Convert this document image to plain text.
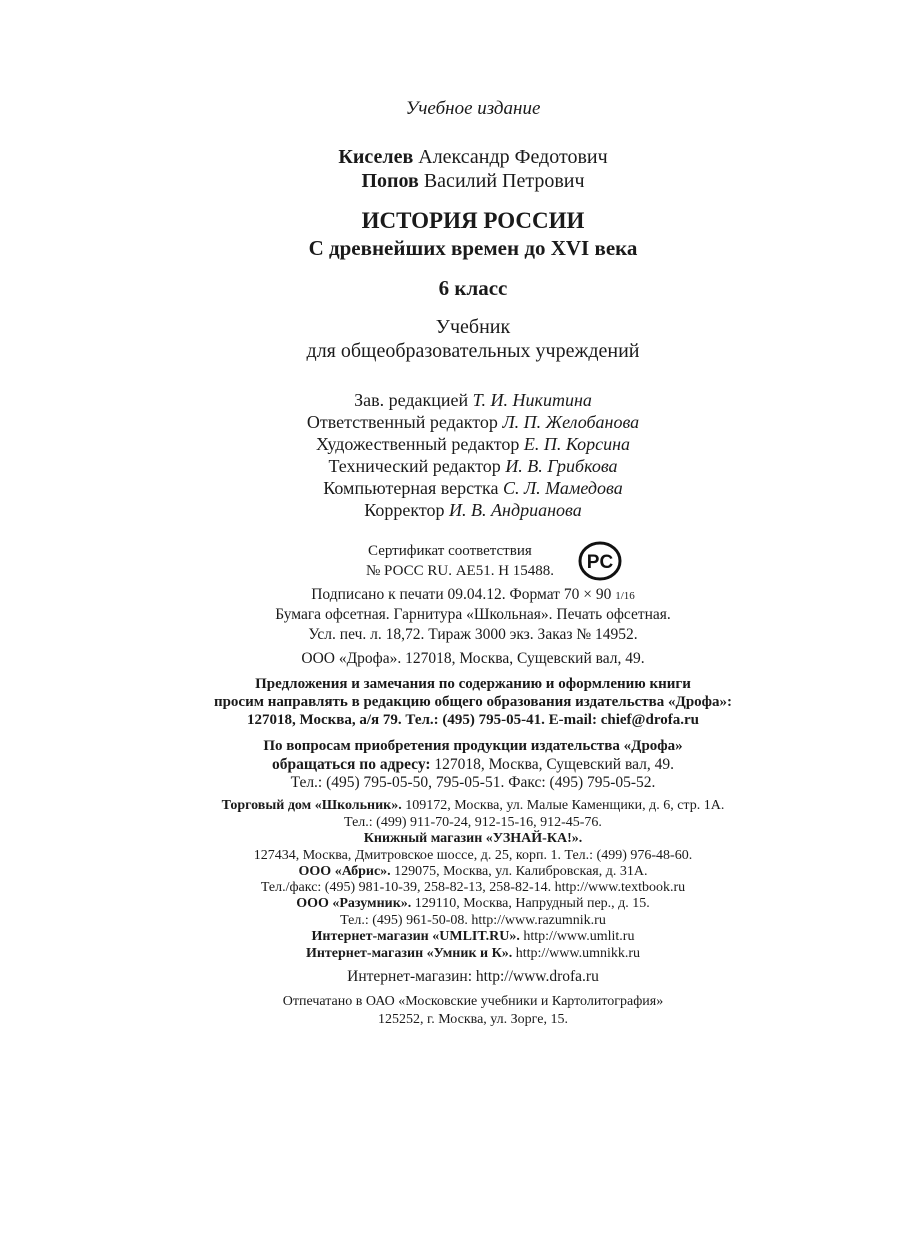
Учебное издание
Киселев Александр Федотович
Попов Василий Петрович
ИСТОРИЯ РОССИИ
С древнейших времен до XVI века
6 класс
Учебник
для общеобразовательных учреждений
Зав. редакцией Т. И. Никитина
Ответственный редактор Л. П. Желобанова
Художественный редактор Е. П. Корсина
Технический редактор И. В. Грибкова
Компьютерная верстка С. Л. Мамедова
Корректор И. В. Андрианова
Сертификат соответствия
№ РОСС RU. АЕ51. Н 15488. PC
Подписано к печати 09.04.12. Формат 70 × 90 1/16
Бумага офсетная. Гарнитура «Школьная». Печать офсетная.
Усл. печ. л. 18,72. Тираж 3000 экз. Заказ № 14952.
ООО «Дрофа». 127018, Москва, Сущевский вал, 49.
Предложения и замечания по содержанию и оформлению книги
просим направлять в редакцию общего образования издательства «Дрофа»:
127018, Москва, а/я 79. Тел.: (495) 795-05-41. E-mail: chief@drofa.ru
По вопросам приобретения продукции издательства «Дрофа»
обращаться по адресу: 127018, Москва, Сущевский вал, 49.
Тел.: (495) 795-05-50, 795-05-51. Факс: (495) 795-05-52.
Торговый дом «Школьник». 109172, Москва, ул. Малые Каменщики, д. 6, стр. 1А.
Тел.: (499) 911-70-24, 912-15-16, 912-45-76.
Книжный магазин «УЗНАЙ-КА!».
127434, Москва, Дмитровское шоссе, д. 25, корп. 1. Тел.: (499) 976-48-60.
ООО «Абрис». 129075, Москва, ул. Калибровская, д. 31А.
Тел./факс: (495) 981-10-39, 258-82-13, 258-82-14. http://www.textbook.ru
ООО «Разумник». 129110, Москва, Напрудный пер., д. 15.
Тел.: (495) 961-50-08. http://www.razumnik.ru
Интернет-магазин «UMLIT.RU». http://www.umlit.ru
Интернет-магазин «Умник и К». http://www.umnikk.ru
Интернет-магазин: http://www.drofa.ru
Отпечатано в ОАО «Московские учебники и Картолитография»
125252, г. Москва, ул. Зорге, 15.
